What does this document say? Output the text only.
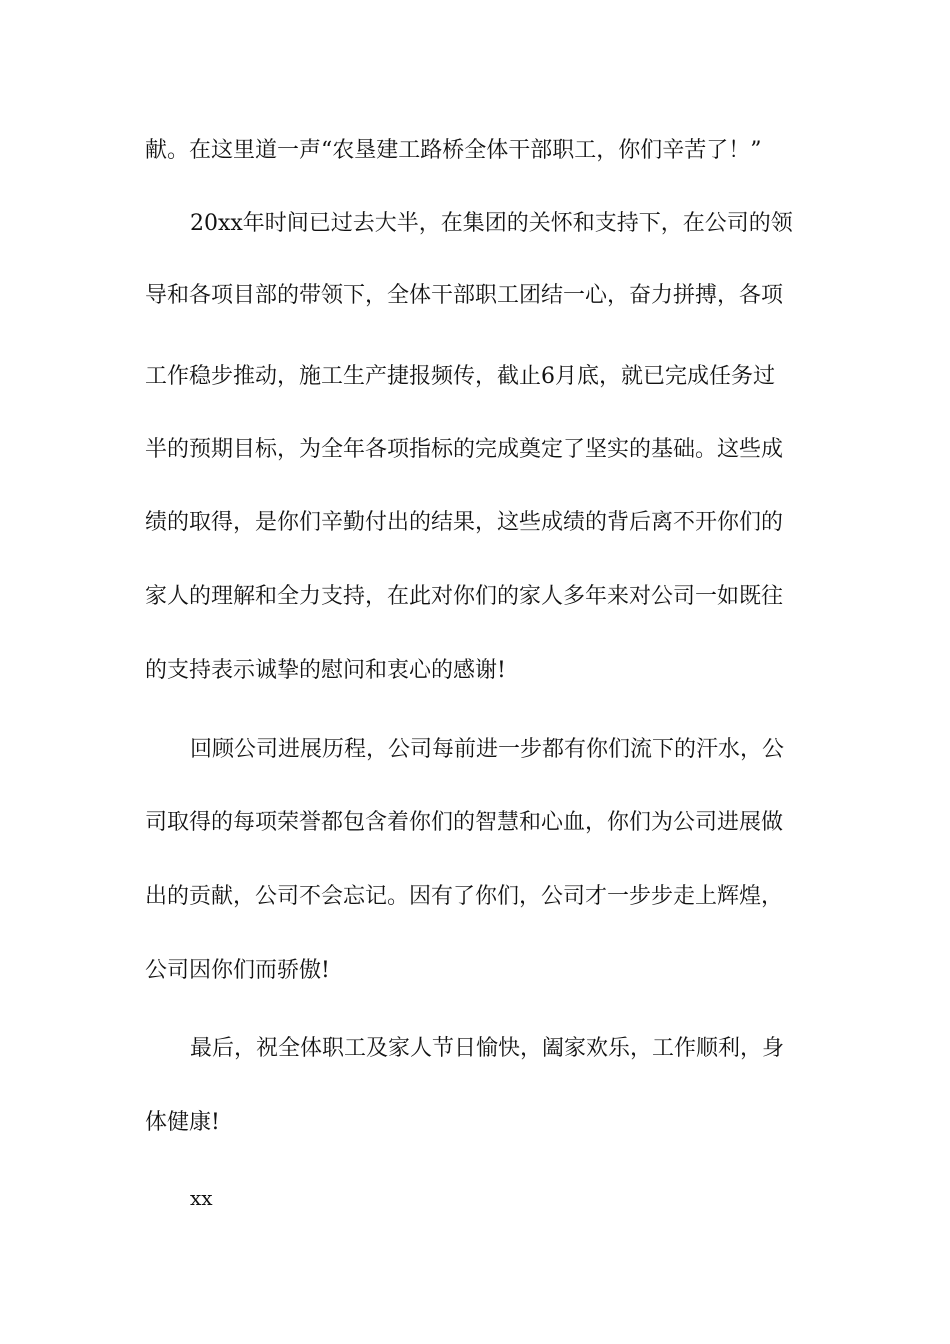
献。在这里道一声“农垦建工路桥全体干部职工，你们辛苦了！”
20xx年时间已过去大半，在集团的关怀和支持下，在公司的领
导和各项目部的带领下，全体干部职工团结一心，奋力拼搏，各项
工作稳步推动，施工生产捷报频传，截止6月底，就已完成任务过
半的预期目标，为全年各项指标的完成奠定了坚实的基础。这些成
绩的取得，是你们辛勤付出的结果，这些成绩的背后离不开你们的
家人的理解和全力支持，在此对你们的家人多年来对公司一如既往
的支持表示诚挚的慰问和衷心的感谢!
回顾公司进展历程，公司每前进一步都有你们流下的汗水，公
司取得的每项荣誉都包含着你们的智慧和心血，你们为公司进展做
出的贡献，公司不会忘记。因有了你们，公司才一步步走上辉煌，
公司因你们而骄傲!
最后，祝全体职工及家人节日愉快，阖家欢乐，工作顺利，身
体健康!
xx
